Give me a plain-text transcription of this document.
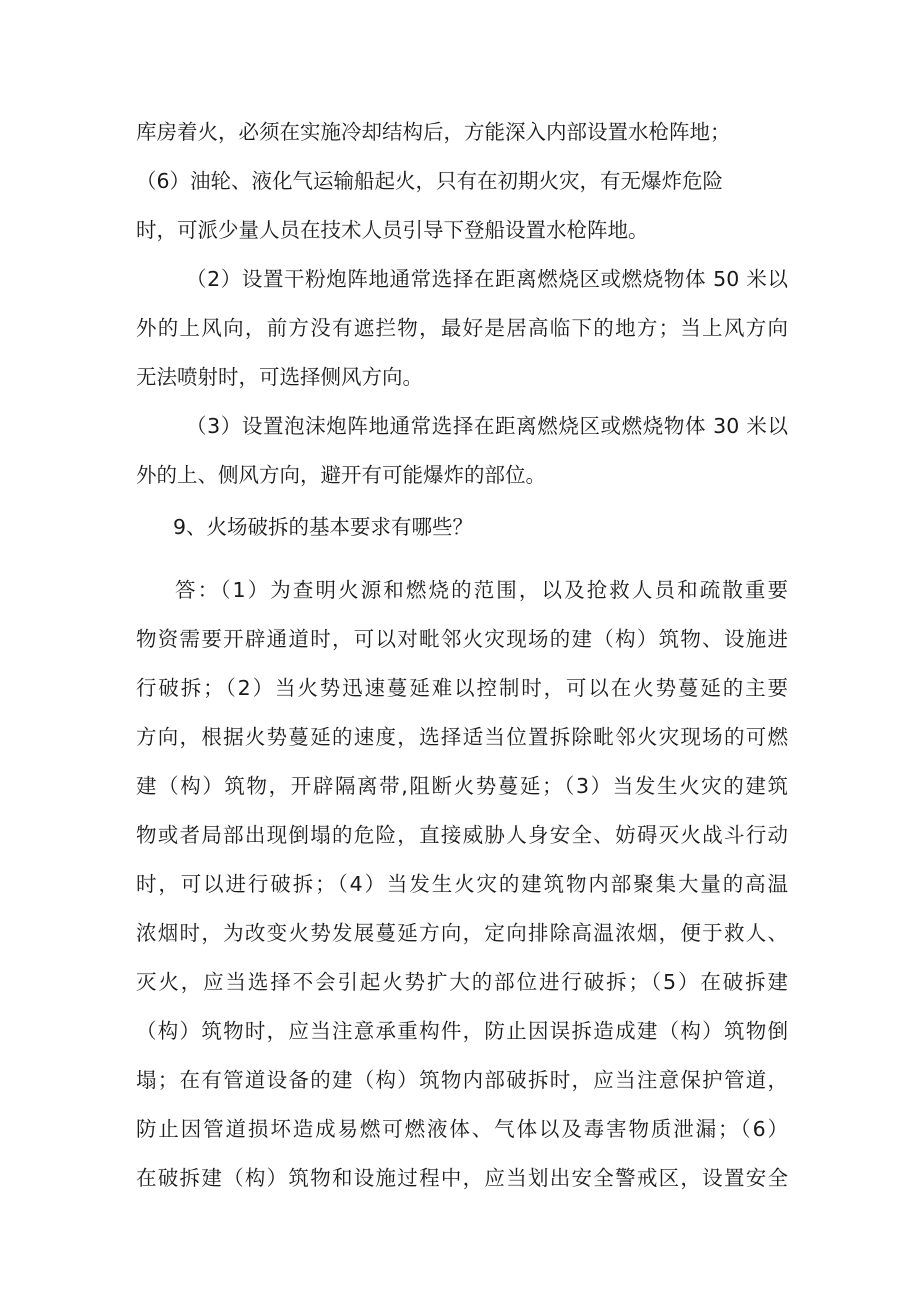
库房着火，必须在实施冷却结构后，方能深入内部设置水枪阵地；
（6）油轮、液化气运输船起火，只有在初期火灾，有无爆炸危险
时，可派少量人员在技术人员引导下登船设置水枪阵地。
（2）设置干粉炮阵地通常选择在距离燃烧区或燃烧物体 50 米以
外的上风向，前方没有遮拦物，最好是居高临下的地方；当上风方向
无法喷射时，可选择侧风方向。
（3）设置泡沫炮阵地通常选择在距离燃烧区或燃烧物体 30 米以
外的上、侧风方向，避开有可能爆炸的部位。
9、火场破拆的基本要求有哪些？
答：（1）为查明火源和燃烧的范围，以及抢救人员和疏散重要
物资需要开辟通道时，可以对毗邻火灾现场的建（构）筑物、设施进
行破拆；（2）当火势迅速蔓延难以控制时，可以在火势蔓延的主要
方向，根据火势蔓延的速度，选择适当位置拆除毗邻火灾现场的可燃
建（构）筑物，开辟隔离带,阻断火势蔓延；（3）当发生火灾的建筑
物或者局部出现倒塌的危险，直接威胁人身安全、妨碍灭火战斗行动
时，可以进行破拆；（4）当发生火灾的建筑物内部聚集大量的高温
浓烟时，为改变火势发展蔓延方向，定向排除高温浓烟，便于救人、
灭火，应当选择不会引起火势扩大的部位进行破拆；（5）在破拆建
（构）筑物时，应当注意承重构件，防止因误拆造成建（构）筑物倒
塌；在有管道设备的建（构）筑物内部破拆时，应当注意保护管道，
防止因管道损坏造成易燃可燃液体、气体以及毒害物质泄漏；（6）
在破拆建（构）筑物和设施过程中，应当划出安全警戒区，设置安全
